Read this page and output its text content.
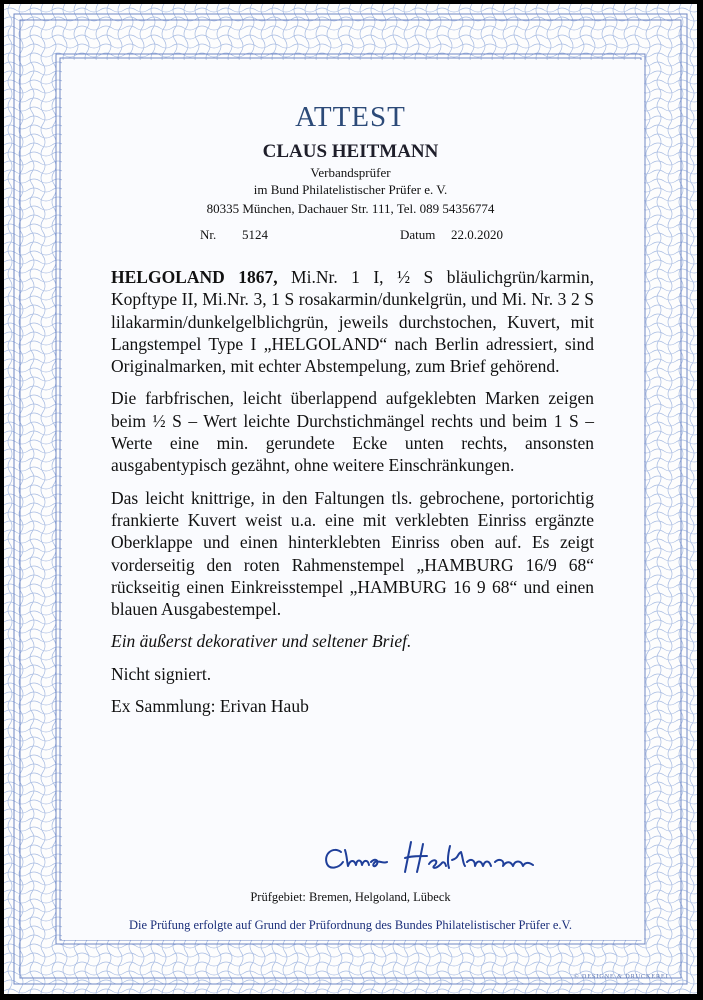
ATTEST
CLAUS HEITMANN
Verbandsprüfer
im Bund Philatelistischer Prüfer e. V.
80335 München, Dachauer Str. 111, Tel. 089 54356774
Nr. 5124	Datum 22.0.2020

HELGOLAND 1867, Mi.Nr. 1 I, ½ S bläulichgrün/karmin, Kopftype II, Mi.Nr. 3, 1 S rosakarmin/dunkelgrün, und Mi. Nr. 3 2 S lilakarmin/dunkelgelblichgrün, jeweils durchstochen, Kuvert, mit Langstempel Type I „HELGOLAND“ nach Berlin adressiert, sind Originalmarken, mit echter Abstempelung, zum Brief gehörend.

Die farbfrischen, leicht überlappend aufgeklebten Marken zeigen beim ½ S – Wert leichte Durchstichmängel rechts und beim 1 S – Werte eine min. gerundete Ecke unten rechts, ansonsten ausgabentypisch gezähnt, ohne weitere Einschränkungen.

Das leicht knittrige, in den Faltungen tls. gebrochene, portorichtig frankierte Kuvert weist u.a. eine mit verklebten Einriss ergänzte Oberklappe und einen hinterklebten Einriss oben auf. Es zeigt vorderseitig den roten Rahmenstempel „HAMBURG 16/9 68“ rückseitig einen Einkreisstempel „HAMBURG 16 9 68“ und einen blauen Ausgabestempel.

Ein äußerst dekorativer und seltener Brief.

Nicht signiert.

Ex Sammlung: Erivan Haub

Prüfgebiet: Bremen, Helgoland, Lübeck
Die Prüfung erfolgte auf Grund der Prüfordnung des Bundes Philatelistischer Prüfer e.V.
© DESIGNE & DRUCKEREI
